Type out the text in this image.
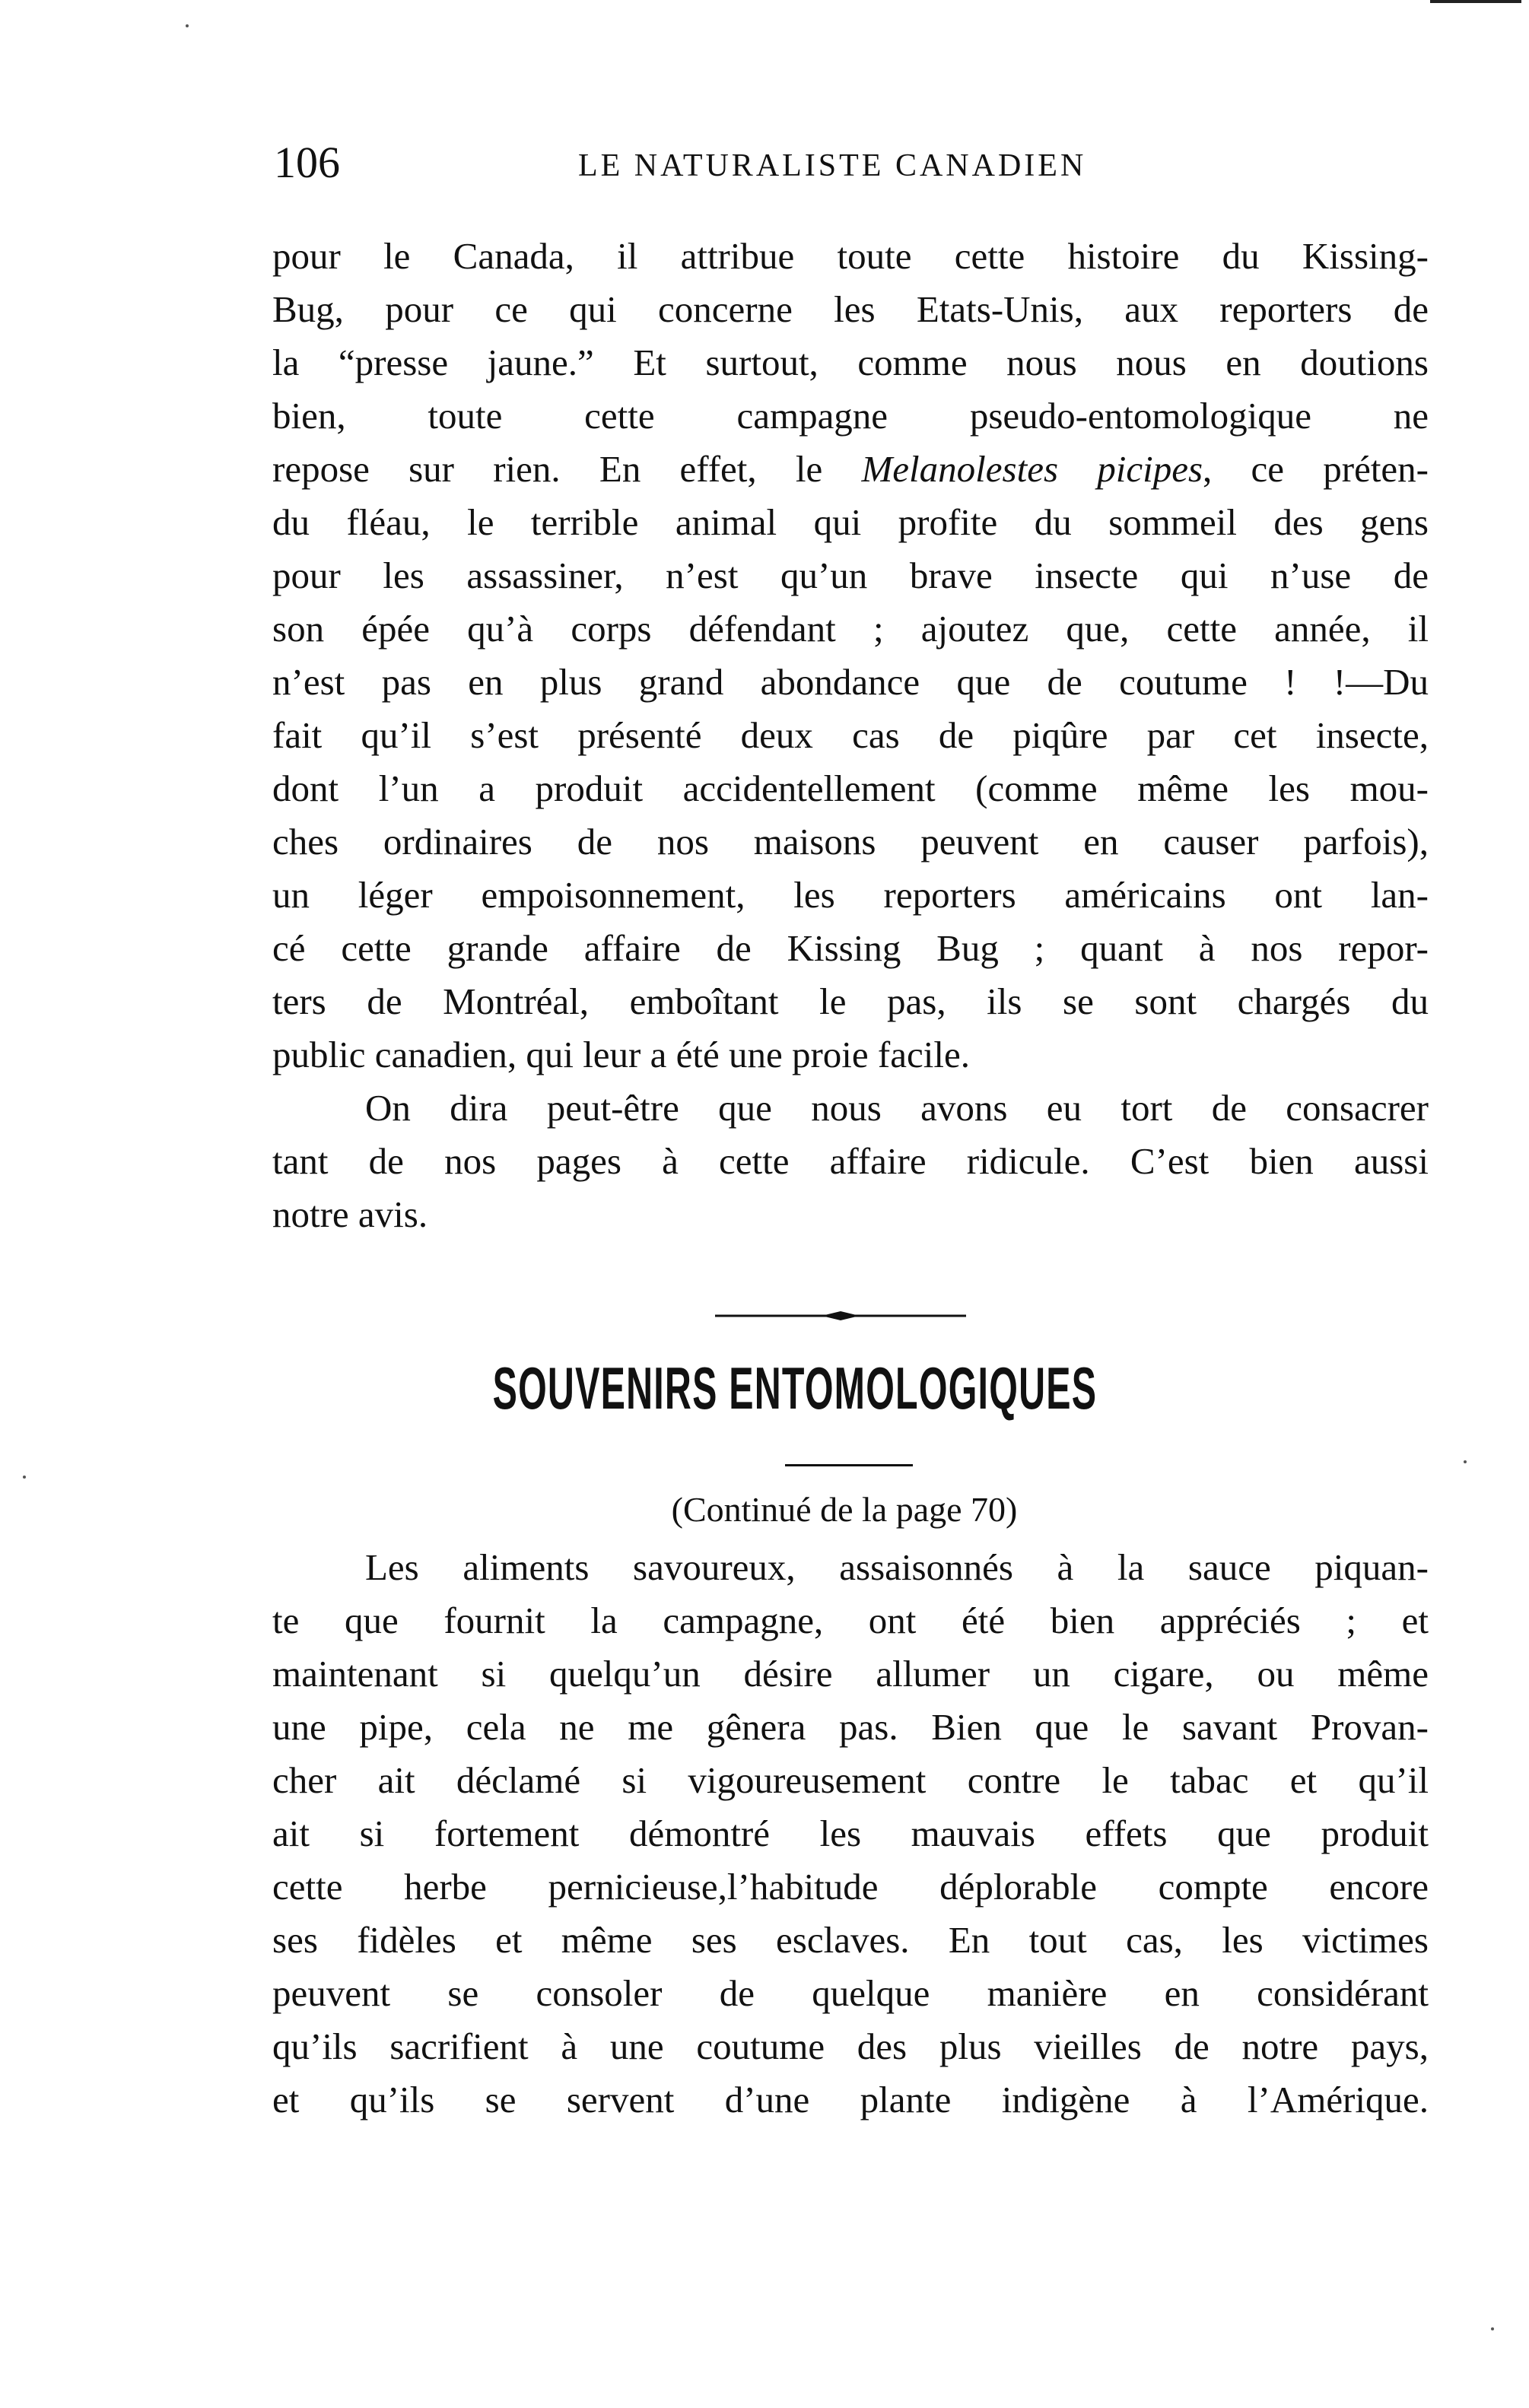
106	LE NATURALISTE CANADIEN
pour le Canada, il attribue toute cette histoire du Kissing-
Bug, pour ce qui concerne les Etats-Unis, aux reporters de
la “presse jaune.” Et surtout, comme nous nous en doutions
bien, toute cette campagne pseudo-entomologique ne
repose sur rien. En effet, le Melanolestes picipes, ce préten-
du fléau, le terrible animal qui profite du sommeil des gens
pour les assassiner, n’est qu’un brave insecte qui n’use de
son épée qu’à corps défendant ; ajoutez que, cette année, il
n’est pas en plus grand abondance que de coutume ! !—Du
fait qu’il s’est présenté deux cas de piqûre par cet insecte,
dont l’un a produit accidentellement (comme même les mou-
ches ordinaires de nos maisons peuvent en causer parfois),
un léger empoisonnement, les reporters américains ont lan-
cé cette grande affaire de Kissing Bug ; quant à nos repor-
ters de Montréal, emboîtant le pas, ils se sont chargés du
public canadien, qui leur a été une proie facile.
On dira peut-être que nous avons eu tort de consacrer
tant de nos pages à cette affaire ridicule. C’est bien aussi
notre avis.
SOUVENIRS ENTOMOLOGIQUES
(Continué de la page 70)
Les aliments savoureux, assaisonnés à la sauce piquan-
te que fournit la campagne, ont été bien appréciés ; et
maintenant si quelqu’un désire allumer un cigare, ou même
une pipe, cela ne me gênera pas. Bien que le savant Provan-
cher ait déclamé si vigoureusement contre le tabac et qu’il
ait si fortement démontré les mauvais effets que produit
cette herbe pernicieuse,l’habitude déplorable compte encore
ses fidèles et même ses esclaves. En tout cas, les victimes
peuvent se consoler de quelque manière en considérant
qu’ils sacrifient à une coutume des plus vieilles de notre pays,
et qu’ils se servent d’une plante indigène à l’Amérique.
